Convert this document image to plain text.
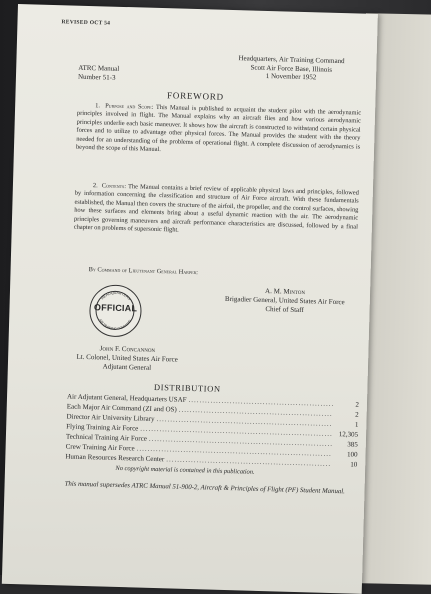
REVISED OCT 54
ATRC Manual
Number 51-3
Headquarters, Air Training Command
Scott Air Force Base, Illinois
1 November 1952
FOREWORD
1. Purpose and Scope: This Manual is published to acquaint the student pilot with the aerodynamic principles involved in flight. The Manual explains why an aircraft flies and how various aerodynamic principles underlie each basic maneuver. It shows how the aircraft is constructed to withstand certain physical forces and to utilize to advantage other physical forces. The Manual provides the student with the theory needed for an understanding of the problems of operational flight. A complete discussion of aerodynamics is beyond the scope of this Manual.
2. Contents: The Manual contains a brief review of applicable physical laws and principles, followed by information concerning the classification and structure of Air Force aircraft. With these fundamentals established, the Manual then covers the structure of the airfoil, the propeller, and the control surfaces, showing how these surfaces and elements bring about a useful dynamic reaction with the air. The aerodynamic principles governing maneuvers and aircraft performance characteristics are discussed, followed by a final chapter on problems of supersonic flight.
By Command of Lieutenant General Harper:
A. M. Minton
Brigadier General, United States Air Force
Chief of Staff
HEADQUARTERS
AIR TRAINING COMMAND
OFFICIAL
John F. Concannon
Lt. Colonel, United States Air Force
Adjutant General
DISTRIBUTION
Air Adjutant General, Headquarters USAF
.....
2
Each Major Air Command (ZI and OS)
.....
2
Director Air University Library
.....
1
Flying Training Air Force
.....
12,305
Technical Training Air Force
.....
385
Crew Training Air Force
.....
100
Human Resources Research Center
.....
10
No copyright material is contained in this publication.
This manual supersedes ATRC Manual 51-900-2, Aircraft & Principles of Flight (PF) Student Manual.
